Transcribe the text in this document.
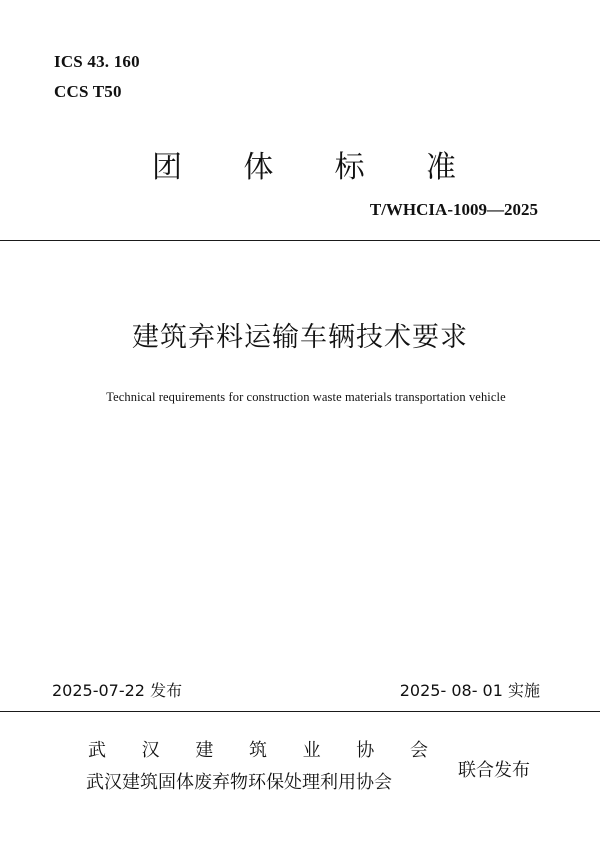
ICS 43. 160
CCS T50
团 体 标 准
T/WHCIA-1009—2025
建筑弃料运输车辆技术要求
Technical requirements for construction waste materials transportation vehicle
2025-07-22 发布	2025- 08- 01 实施
武 汉 建 筑 业 协 会
武汉建筑固体废弃物环保处理利用协会
联合发布
